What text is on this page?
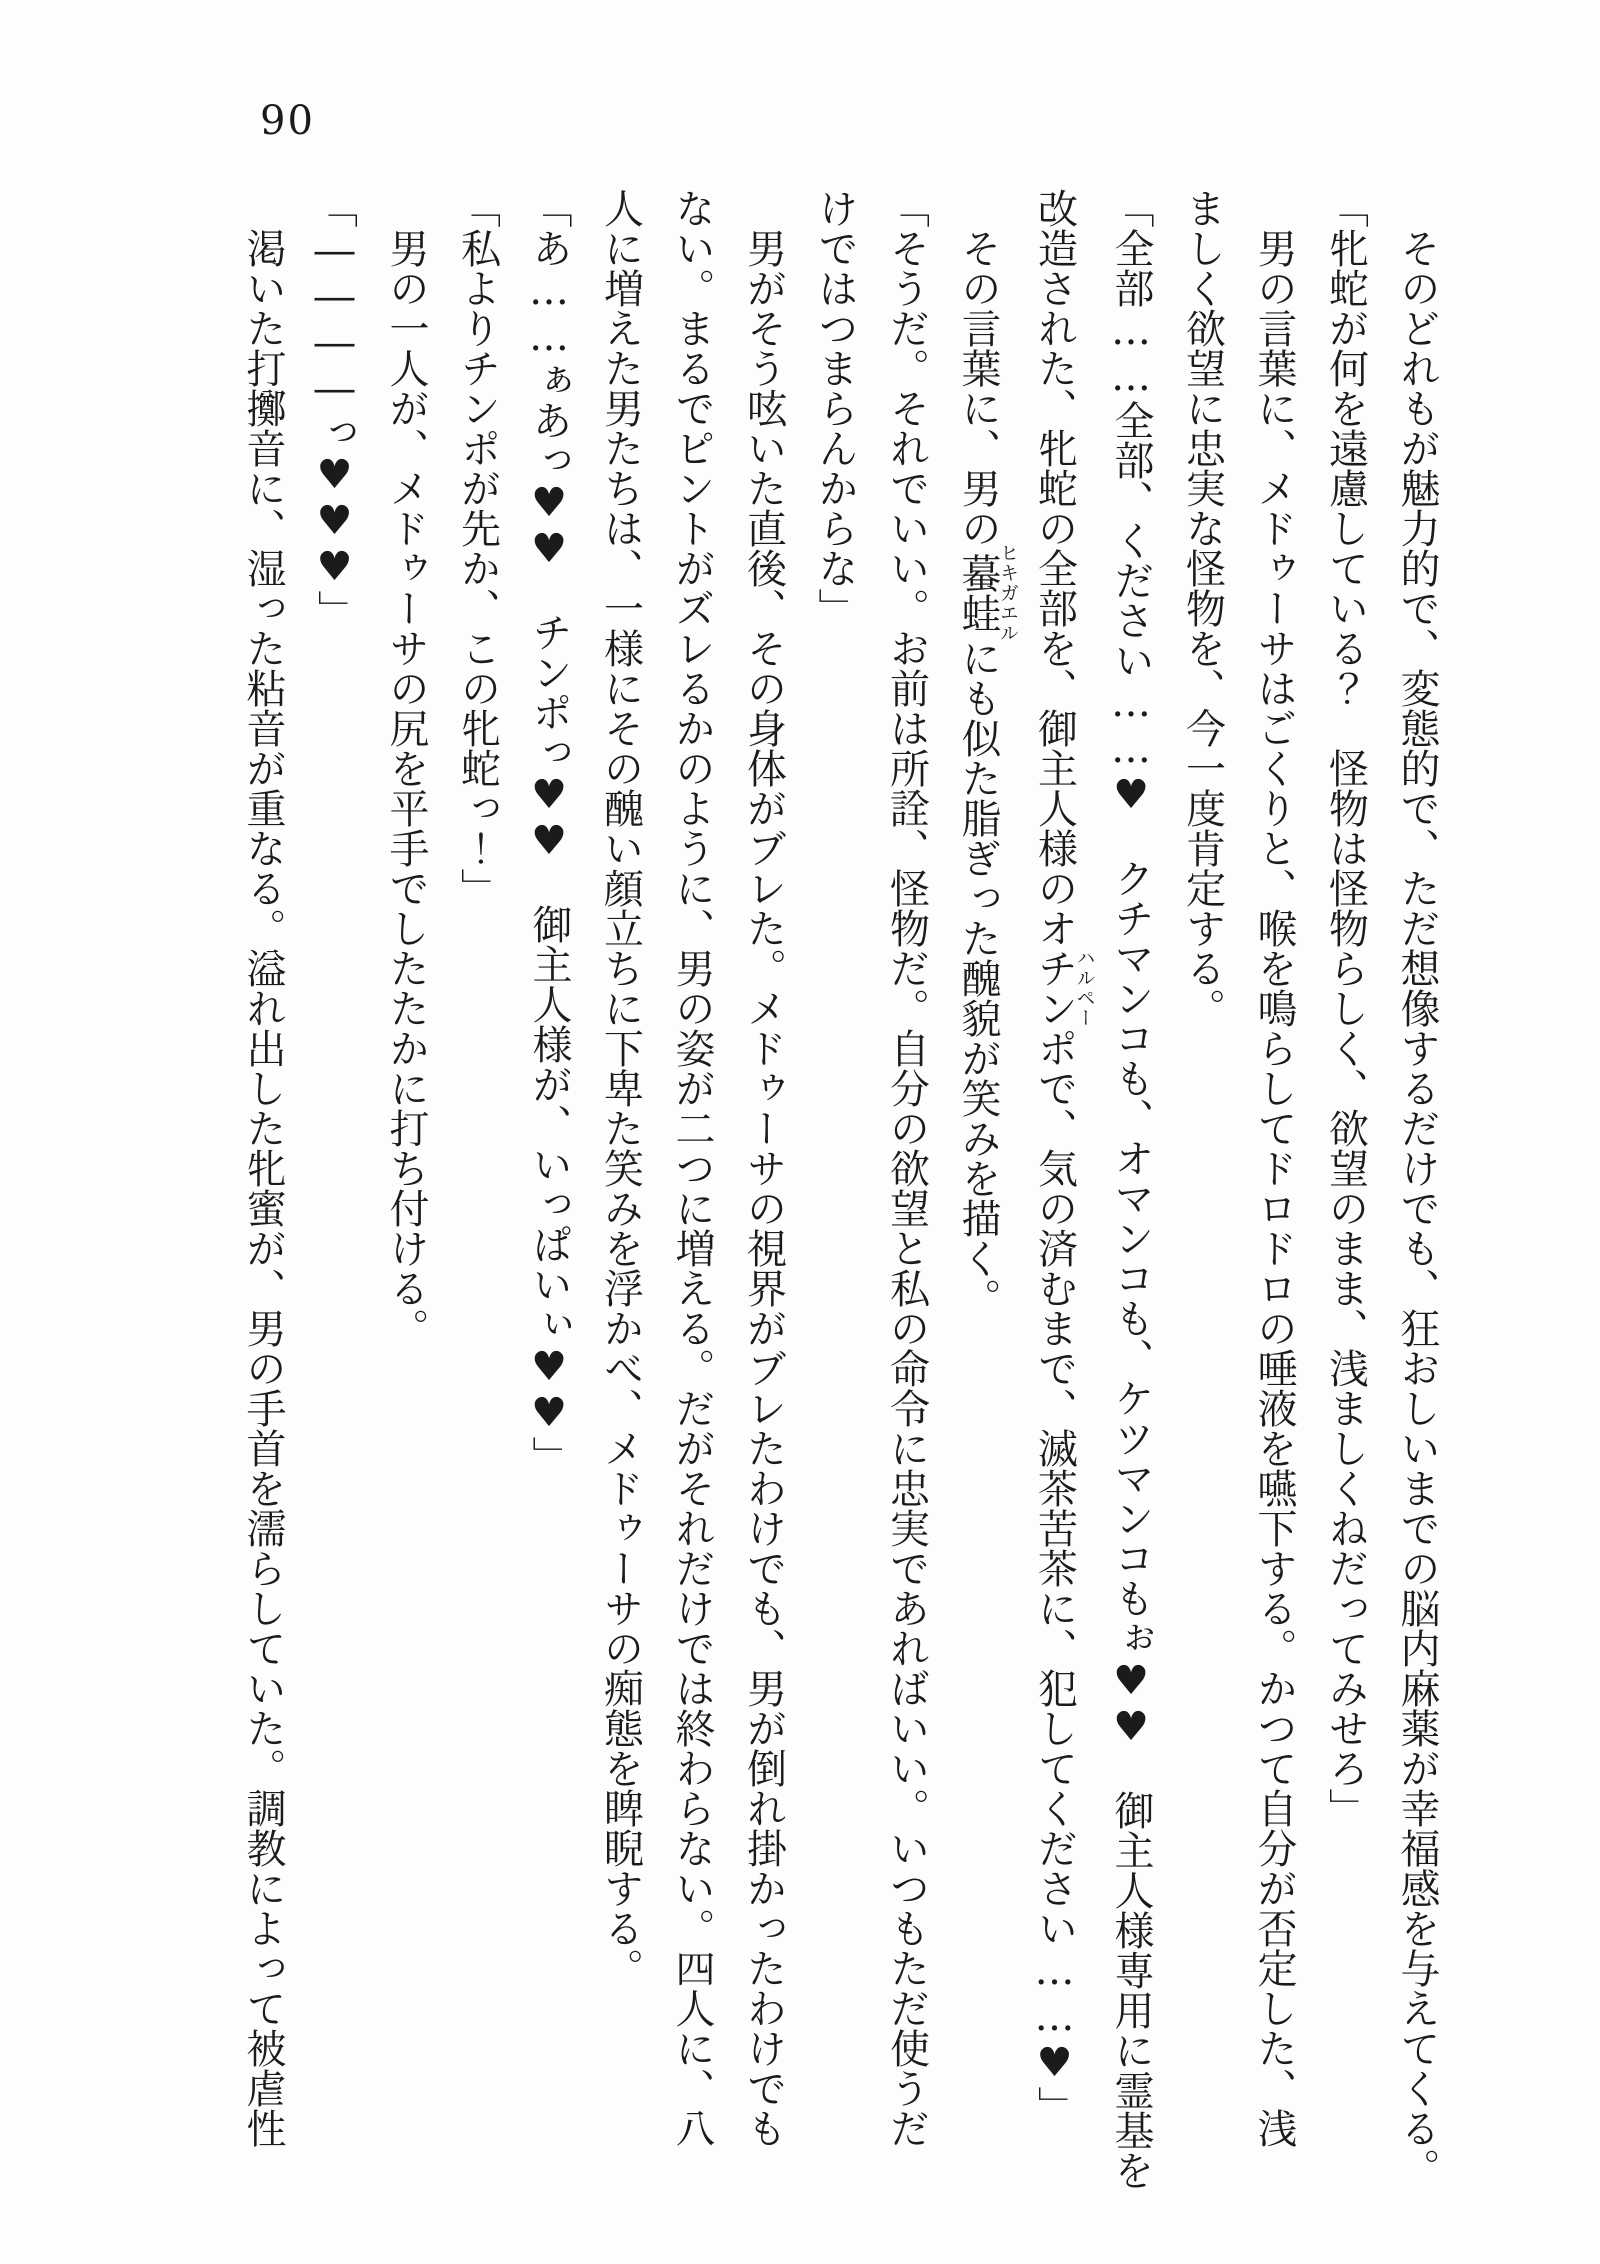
90
そのどれもが魅力的で、変態的で、ただ想像するだけでも、狂おしいまでの脳内麻薬が幸福感を与えてくる。
「牝蛇が何を遠慮している？　怪物は怪物らしく、欲望のまま、浅ましくねだってみせろ」
男の言葉に、メドゥーサはごくりと、喉を鳴らしてドロドロの唾液を嚥下する。かつて自分が否定した、浅
ましく欲望に忠実な怪物を、今一度肯定する。
「全部……全部、ください……♥　クチマンコも、オマンコも、ケツマンコもぉ♥♥　御主人様専用に霊基を
改造された、牝蛇の全部を、御主人様のオチンポハルペーで、気の済むまで、滅茶苦茶に、犯してください……♥」
その言葉に、男の蟇蛙ヒキガエルにも似た脂ぎった醜貌が笑みを描く。
「そうだ。それでいい。お前は所詮、怪物だ。自分の欲望と私の命令に忠実であればいい。いつもただ使うだ
けではつまらんからな」
男がそう呟いた直後、その身体がブレた。メドゥーサの視界がブレたわけでも、男が倒れ掛かったわけでも
ない。まるでピントがズレるかのように、男の姿が二つに増える。だがそれだけでは終わらない。四人に、八
人に増えた男たちは、一様にその醜い顔立ちに下卑た笑みを浮かべ、メドゥーサの痴態を睥睨する。
「あ……ぁあっ♥♥　チンポっ♥♥　御主人様が、いっぱいぃ♥♥」
「私よりチンポが先か、この牝蛇っ！」
男の一人が、メドゥーサの尻を平手でしたたかに打ち付ける。
「――――っ♥♥♥」
渇いた打擲音に、湿った粘音が重なる。溢れ出した牝蜜が、男の手首を濡らしていた。調教によって被虐性
